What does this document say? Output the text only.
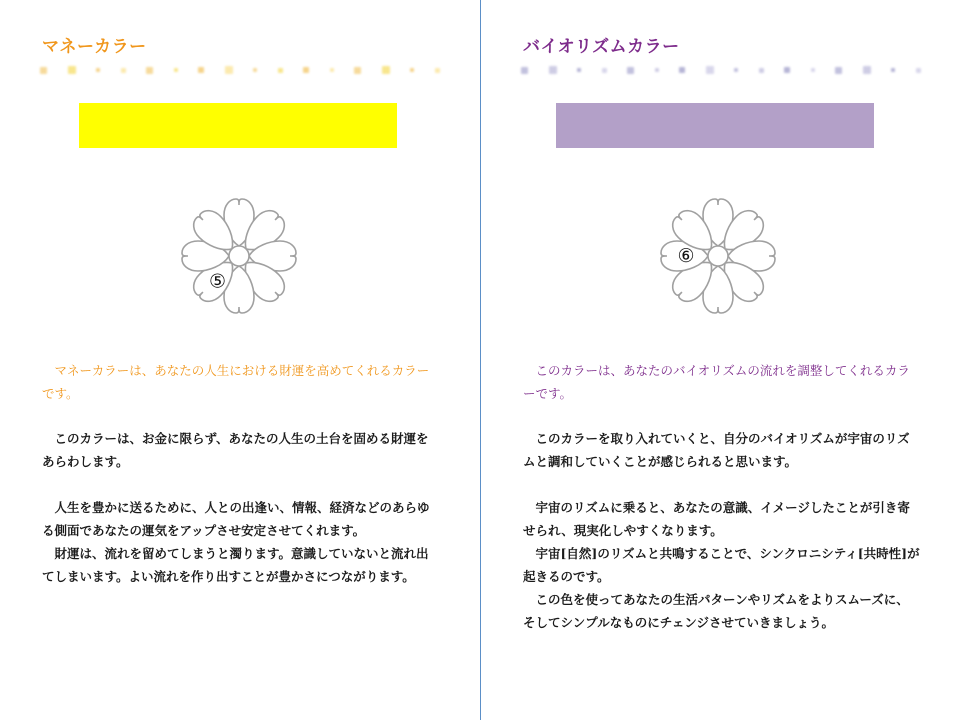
マネーカラー
⑤

マネーカラーは、あなたの人生における財運を高めてくれるカラーです。

このカラーは、お金に限らず、あなたの人生の土台を固める財運をあらわします。

人生を豊かに送るために、人との出逢い、情報、経済などのあらゆる側面であなたの運気をアップさせ安定させてくれます。

財運は、流れを留めてしまうと濁ります。意識していないと流れ出てしまいます。よい流れを作り出すことが豊かさにつながります。

バイオリズムカラー
⑥

このカラーは、あなたのバイオリズムの流れを調整してくれるカラーです。

このカラーを取り入れていくと、自分のバイオリズムが宇宙のリズムと調和していくことが感じられると思います。

宇宙のリズムに乗ると、あなたの意識、イメージしたことが引き寄せられ、現実化しやすくなります。

宇宙[自然]のリズムと共鳴することで、シンクロニシティ[共時性]が起きるのです。

この色を使ってあなたの生活パターンやリズムをよりスムーズに、そしてシンプルなものにチェンジさせていきましょう。
